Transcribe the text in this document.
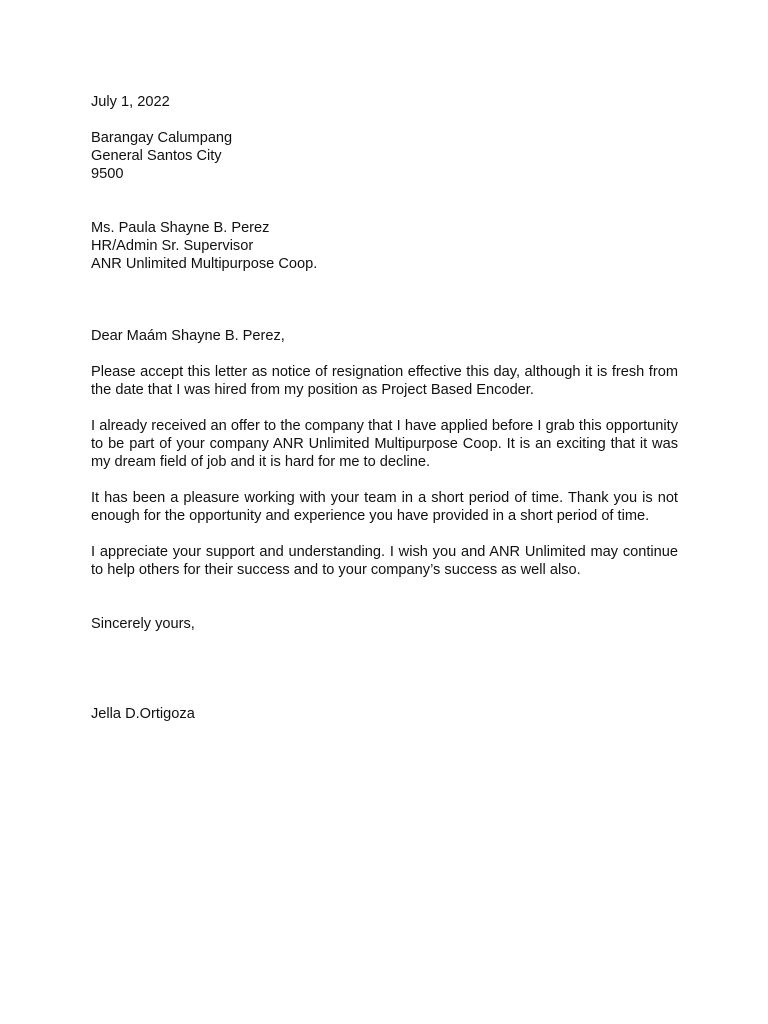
July 1, 2022
Barangay Calumpang
General Santos City
9500
Ms. Paula Shayne B. Perez
HR/Admin Sr. Supervisor
ANR Unlimited Multipurpose Coop.
Dear Maám Shayne B. Perez,

Please accept this letter as notice of resignation effective this day, although it is fresh from the date that I was hired from my position as Project Based Encoder.

I already received an offer to the company that I have applied before I grab this opportunity to be part of your company ANR Unlimited Multipurpose Coop. It is an exciting that it was my dream field of job and it is hard for me to decline.

It has been a pleasure working with your team in a short period of time. Thank you is not enough for the opportunity and experience you have provided in a short period of time.

I appreciate your support and understanding. I wish you and ANR Unlimited may continue to help others for their success and to your company’s success as well also.

Sincerely yours,
Jella D.Ortigoza
